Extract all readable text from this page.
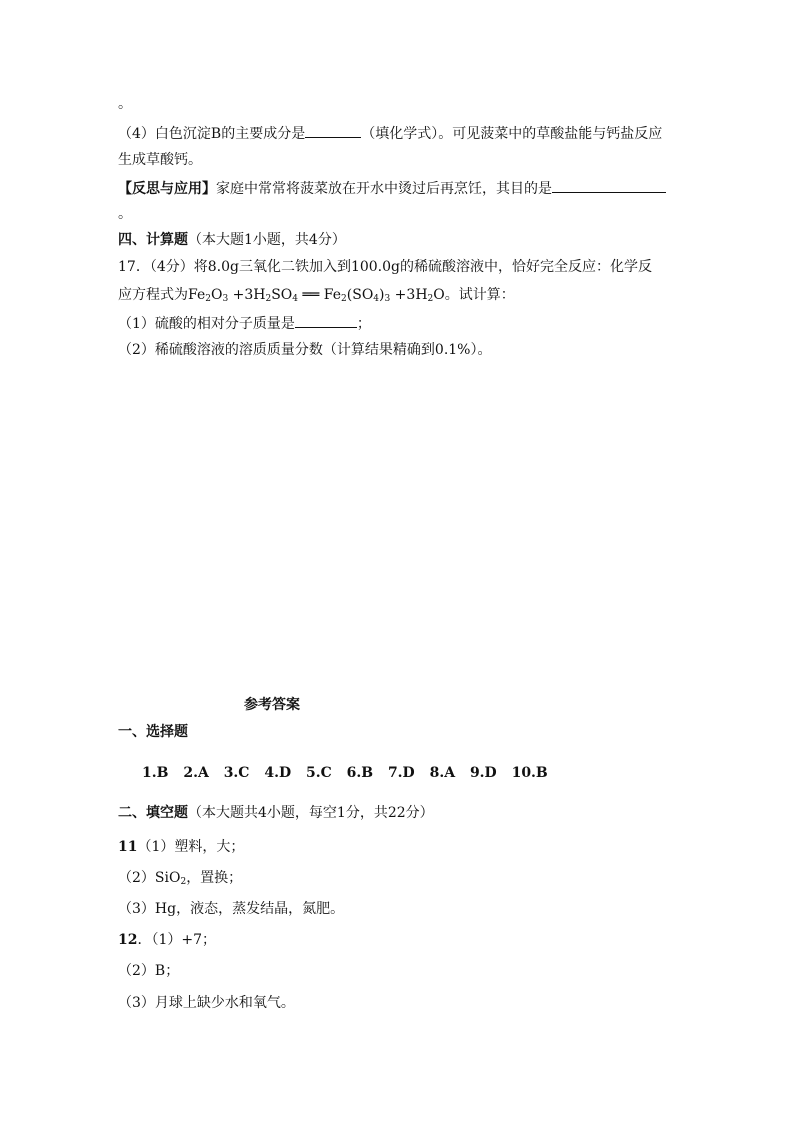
。
（4）白色沉淀B的主要成分是	（填化学式）。可见菠菜中的草酸盐能与钙盐反应
生成草酸钙。
【反思与应用】家庭中常常将菠菜放在开水中烫过后再烹饪，其目的是
。
四、计算题（本大题1小题，共4分）
17．（4分）将8.0g三氧化二铁加入到100.0g的稀硫酸溶液中，恰好完全反应：化学反
应方程式为$Fe_2O_3 +3H_2SO_4$ ══ $Fe_2(SO_4)_3 +3H_2O$。试计算：
（1）硫酸的相对分子质量是	；
（2）稀硫酸溶液的溶质质量分数（计算结果精确到0.1%）。
参考答案
一、选择题
1.B 2.A 3.C 4.D 5.C 6.B 7.D 8.A 9.D 10.B
二、填空题（本大题共4小题，每空1分，共22分）
11（1）塑料，大；
（2）SiO$_2$，置换；
（3）Hg，液态，蒸发结晶，氮肥。
12．（1）+7；
（2）B；
（3）月球上缺少水和氧气。
